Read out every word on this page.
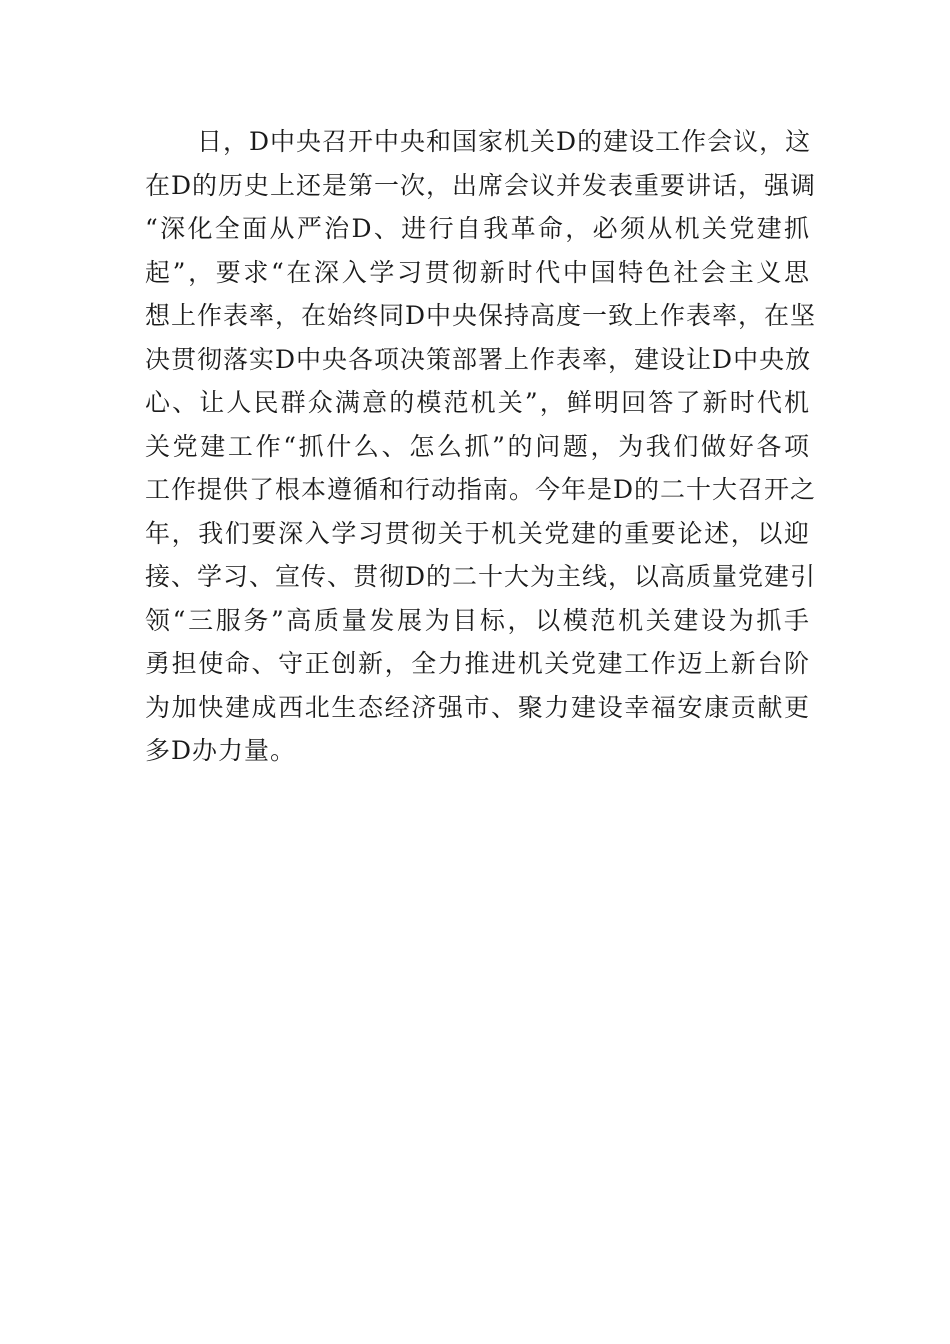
　　日，D中央召开中央和国家机关D的建设工作会议，这
在D的历史上还是第一次，出席会议并发表重要讲话，强调
“深化全面从严治D、进行自我革命，必须从机关党建抓
起”，要求“在深入学习贯彻新时代中国特色社会主义思
想上作表率，在始终同D中央保持高度一致上作表率，在坚
决贯彻落实D中央各项决策部署上作表率，建设让D中央放
心、让人民群众满意的模范机关”，鲜明回答了新时代机
关党建工作“抓什么、怎么抓”的问题，为我们做好各项
工作提供了根本遵循和行动指南。今年是D的二十大召开之
年，我们要深入学习贯彻关于机关党建的重要论述，以迎
接、学习、宣传、贯彻D的二十大为主线，以高质量党建引
领“三服务”高质量发展为目标，以模范机关建设为抓手
勇担使命、守正创新，全力推进机关党建工作迈上新台阶
为加快建成西北生态经济强市、聚力建设幸福安康贡献更
多D办力量。
